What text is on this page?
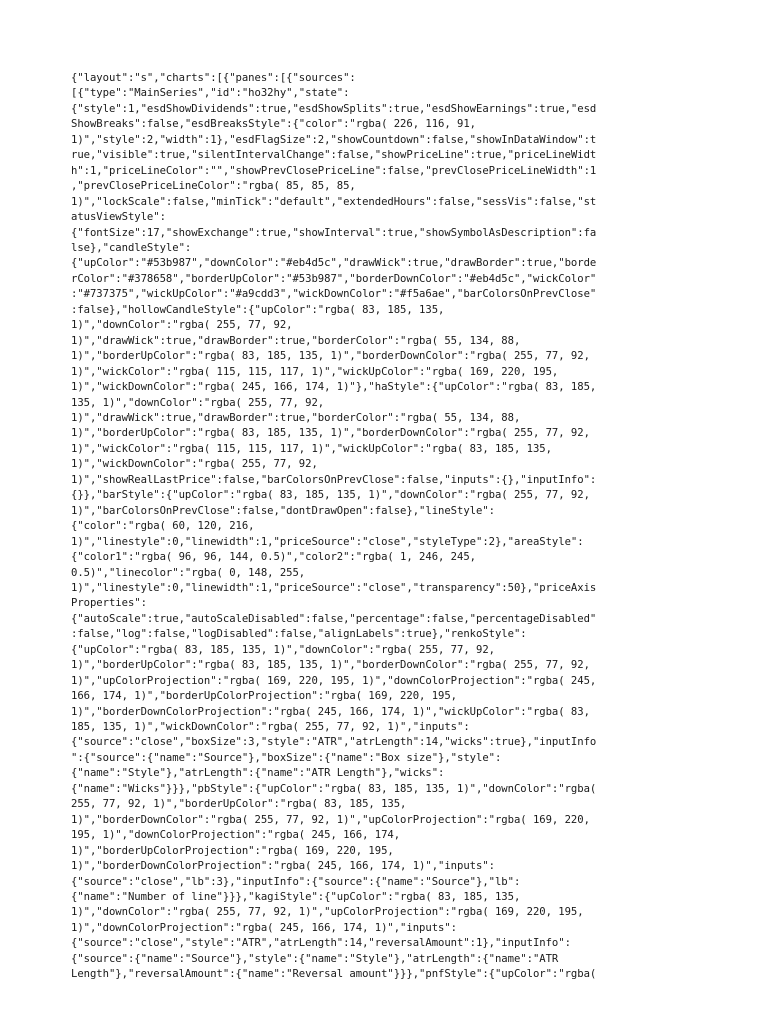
{"layout":"s","charts":[{"panes":[{"sources":
[{"type":"MainSeries","id":"ho32hy","state":
{"style":1,"esdShowDividends":true,"esdShowSplits":true,"esdShowEarnings":true,"esd
ShowBreaks":false,"esdBreaksStyle":{"color":"rgba( 226, 116, 91,
1)","style":2,"width":1},"esdFlagSize":2,"showCountdown":false,"showInDataWindow":t
rue,"visible":true,"silentIntervalChange":false,"showPriceLine":true,"priceLineWidt
h":1,"priceLineColor":"","showPrevClosePriceLine":false,"prevClosePriceLineWidth":1
,"prevClosePriceLineColor":"rgba( 85, 85, 85,
1)","lockScale":false,"minTick":"default","extendedHours":false,"sessVis":false,"st
atusViewStyle":
{"fontSize":17,"showExchange":true,"showInterval":true,"showSymbolAsDescription":fa
lse},"candleStyle":
{"upColor":"#53b987","downColor":"#eb4d5c","drawWick":true,"drawBorder":true,"borde
rColor":"#378658","borderUpColor":"#53b987","borderDownColor":"#eb4d5c","wickColor"
:"#737375","wickUpColor":"#a9cdd3","wickDownColor":"#f5a6ae","barColorsOnPrevClose"
:false},"hollowCandleStyle":{"upColor":"rgba( 83, 185, 135,
1)","downColor":"rgba( 255, 77, 92,
1)","drawWick":true,"drawBorder":true,"borderColor":"rgba( 55, 134, 88,
1)","borderUpColor":"rgba( 83, 185, 135, 1)","borderDownColor":"rgba( 255, 77, 92,
1)","wickColor":"rgba( 115, 115, 117, 1)","wickUpColor":"rgba( 169, 220, 195,
1)","wickDownColor":"rgba( 245, 166, 174, 1)"},"haStyle":{"upColor":"rgba( 83, 185,
135, 1)","downColor":"rgba( 255, 77, 92,
1)","drawWick":true,"drawBorder":true,"borderColor":"rgba( 55, 134, 88,
1)","borderUpColor":"rgba( 83, 185, 135, 1)","borderDownColor":"rgba( 255, 77, 92,
1)","wickColor":"rgba( 115, 115, 117, 1)","wickUpColor":"rgba( 83, 185, 135,
1)","wickDownColor":"rgba( 255, 77, 92,
1)","showRealLastPrice":false,"barColorsOnPrevClose":false,"inputs":{},"inputInfo":
{}},"barStyle":{"upColor":"rgba( 83, 185, 135, 1)","downColor":"rgba( 255, 77, 92,
1)","barColorsOnPrevClose":false,"dontDrawOpen":false},"lineStyle":
{"color":"rgba( 60, 120, 216,
1)","linestyle":0,"linewidth":1,"priceSource":"close","styleType":2},"areaStyle":
{"color1":"rgba( 96, 96, 144, 0.5)","color2":"rgba( 1, 246, 245,
0.5)","linecolor":"rgba( 0, 148, 255,
1)","linestyle":0,"linewidth":1,"priceSource":"close","transparency":50},"priceAxis
Properties":
{"autoScale":true,"autoScaleDisabled":false,"percentage":false,"percentageDisabled"
:false,"log":false,"logDisabled":false,"alignLabels":true},"renkoStyle":
{"upColor":"rgba( 83, 185, 135, 1)","downColor":"rgba( 255, 77, 92,
1)","borderUpColor":"rgba( 83, 185, 135, 1)","borderDownColor":"rgba( 255, 77, 92,
1)","upColorProjection":"rgba( 169, 220, 195, 1)","downColorProjection":"rgba( 245,
166, 174, 1)","borderUpColorProjection":"rgba( 169, 220, 195,
1)","borderDownColorProjection":"rgba( 245, 166, 174, 1)","wickUpColor":"rgba( 83,
185, 135, 1)","wickDownColor":"rgba( 255, 77, 92, 1)","inputs":
{"source":"close","boxSize":3,"style":"ATR","atrLength":14,"wicks":true},"inputInfo
":{"source":{"name":"Source"},"boxSize":{"name":"Box size"},"style":
{"name":"Style"},"atrLength":{"name":"ATR Length"},"wicks":
{"name":"Wicks"}}},"pbStyle":{"upColor":"rgba( 83, 185, 135, 1)","downColor":"rgba(
255, 77, 92, 1)","borderUpColor":"rgba( 83, 185, 135,
1)","borderDownColor":"rgba( 255, 77, 92, 1)","upColorProjection":"rgba( 169, 220,
195, 1)","downColorProjection":"rgba( 245, 166, 174,
1)","borderUpColorProjection":"rgba( 169, 220, 195,
1)","borderDownColorProjection":"rgba( 245, 166, 174, 1)","inputs":
{"source":"close","lb":3},"inputInfo":{"source":{"name":"Source"},"lb":
{"name":"Number of line"}}},"kagiStyle":{"upColor":"rgba( 83, 185, 135,
1)","downColor":"rgba( 255, 77, 92, 1)","upColorProjection":"rgba( 169, 220, 195,
1)","downColorProjection":"rgba( 245, 166, 174, 1)","inputs":
{"source":"close","style":"ATR","atrLength":14,"reversalAmount":1},"inputInfo":
{"source":{"name":"Source"},"style":{"name":"Style"},"atrLength":{"name":"ATR
Length"},"reversalAmount":{"name":"Reversal amount"}}},"pnfStyle":{"upColor":"rgba(
